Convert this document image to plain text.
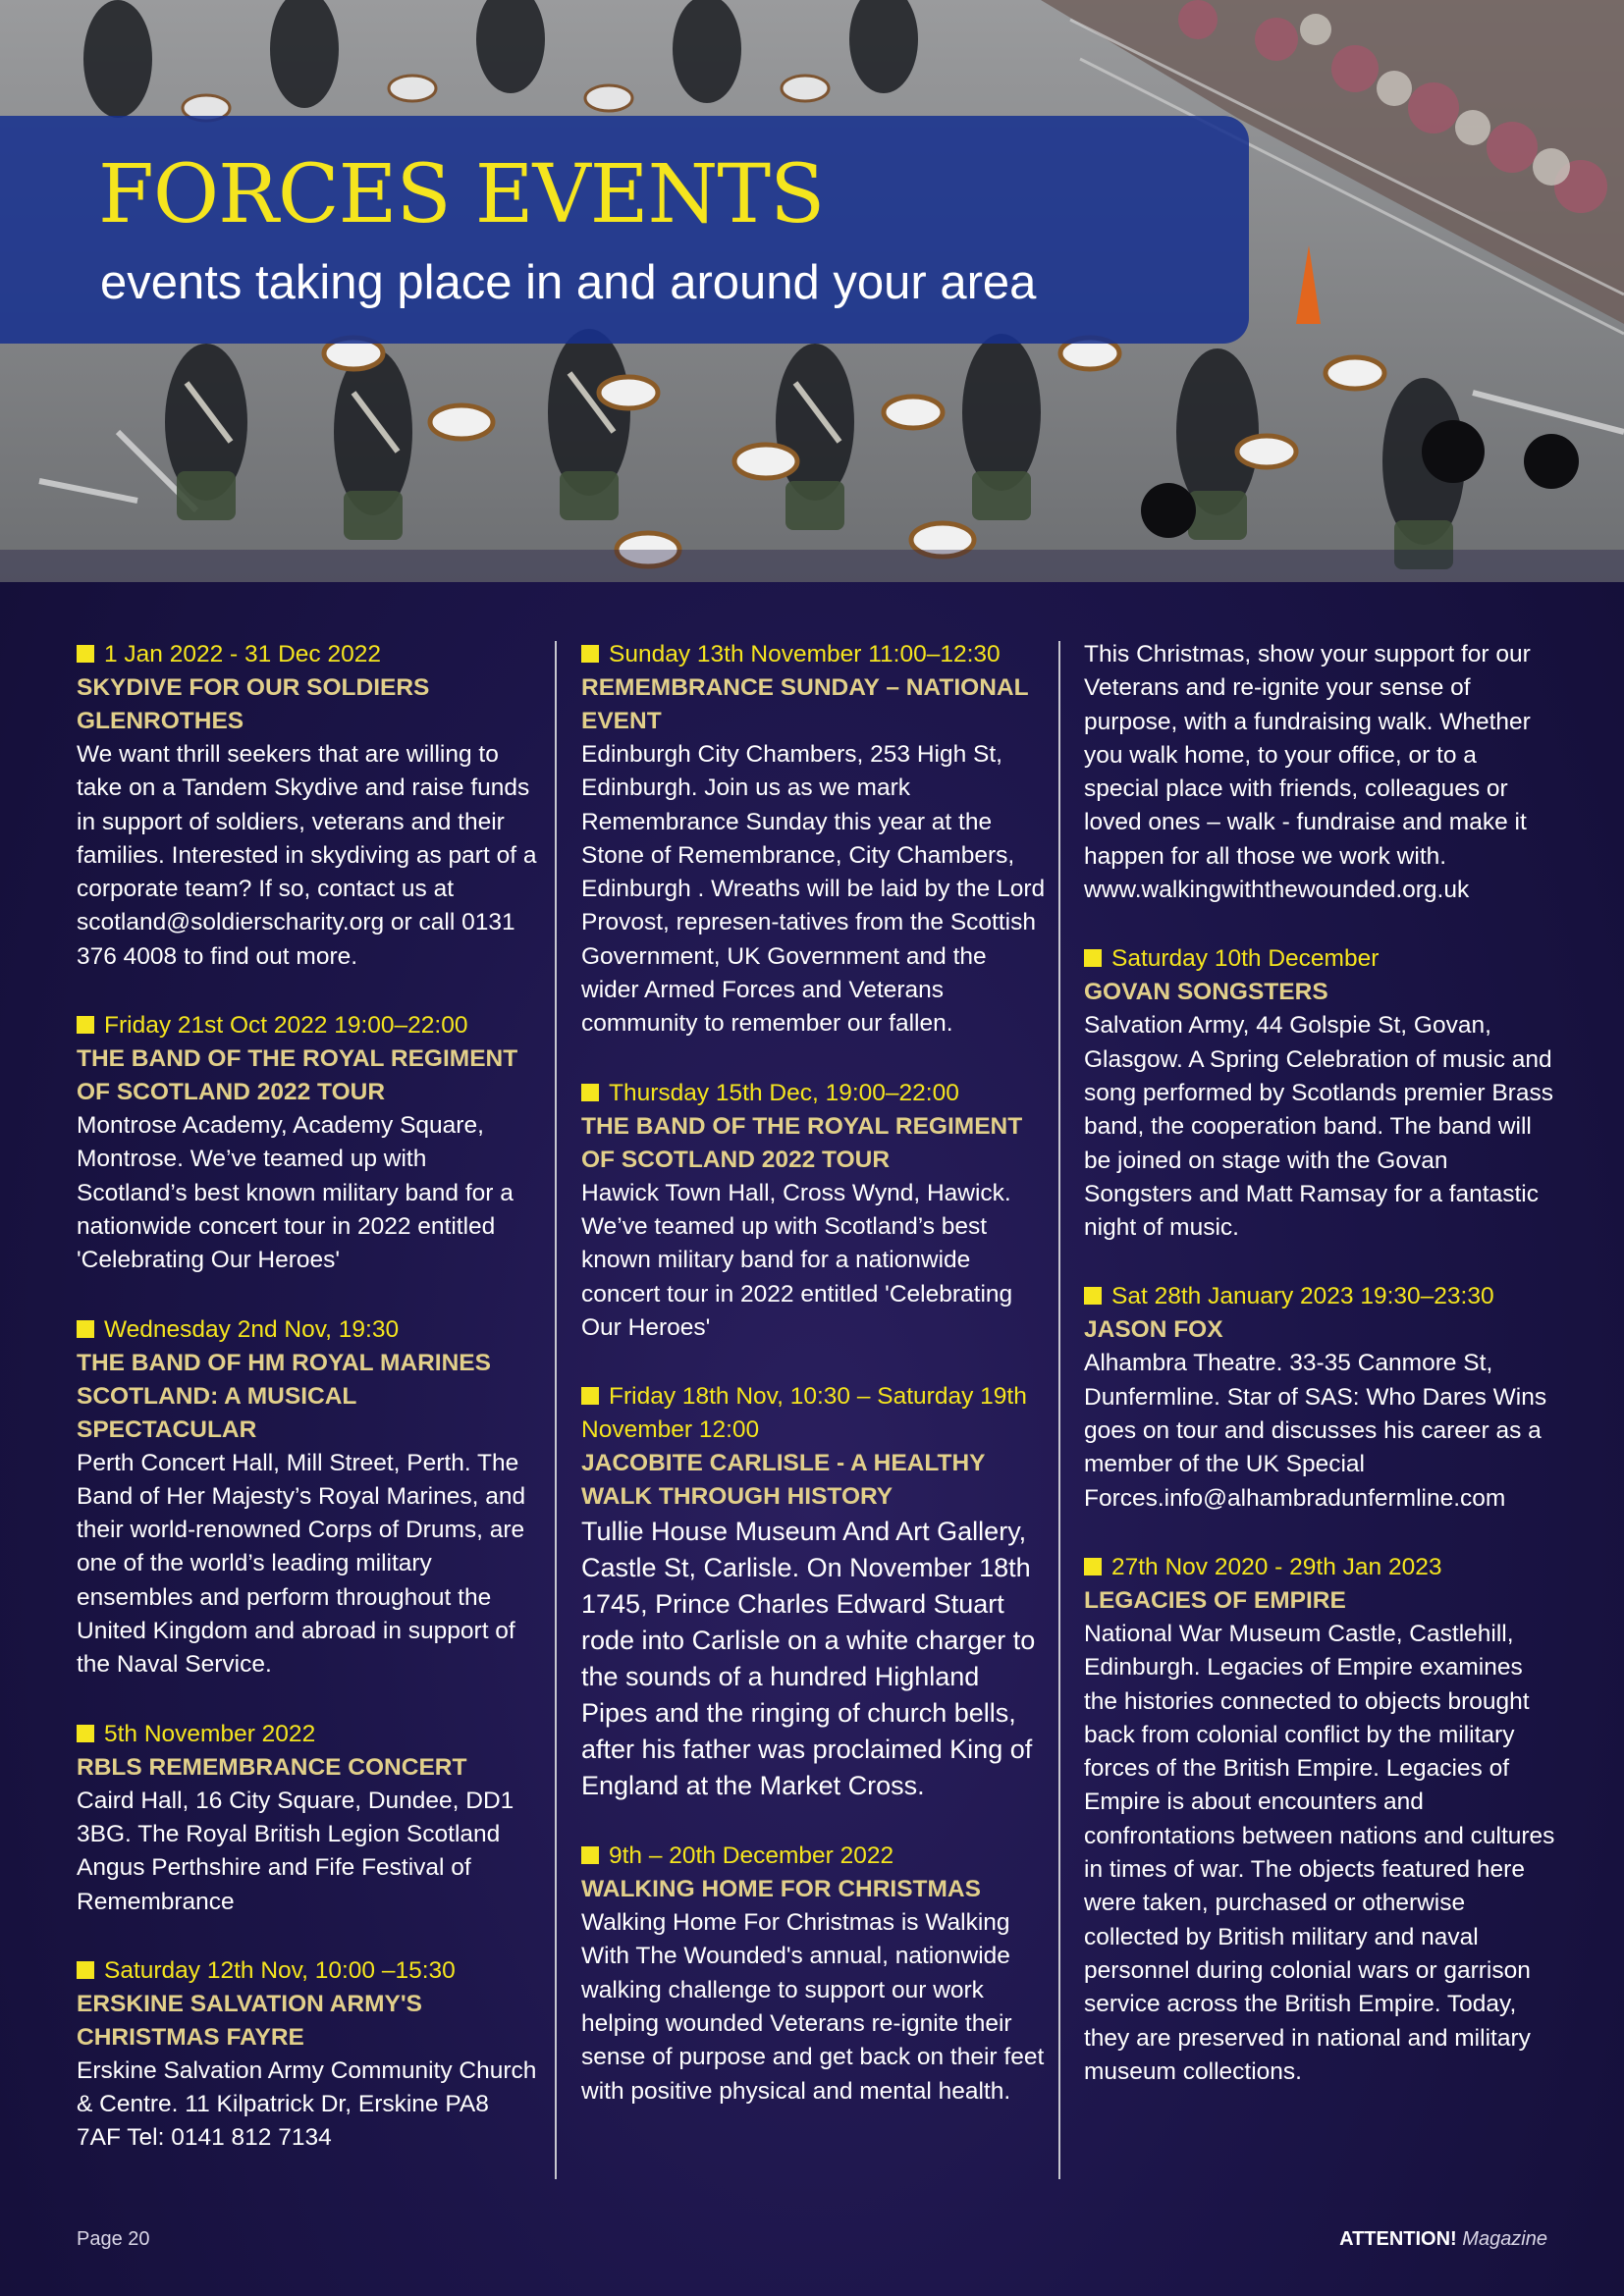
FORCES EVENTS

events taking place in and around your area

1 Jan 2022 - 31 Dec 2022
SKYDIVE FOR OUR SOLDIERS GLENROTHES

We want thrill seekers that are willing to take on a Tandem Skydive and raise funds in support of soldiers, veterans and their families. Interested in skydiving as part of a corporate team? If so, contact us at scotland@soldierscharity.org or call 0131 376 4008 to find out more.

Friday 21st Oct 2022 19:00–22:00
THE BAND OF THE ROYAL REGIMENT OF SCOTLAND 2022 TOUR

Montrose Academy, Academy Square, Montrose. We’ve teamed up with Scotland’s best known military band for a nationwide concert tour in 2022 entitled 'Celebrating Our Heroes'

Wednesday 2nd Nov, 19:30
THE BAND OF HM ROYAL MARINES SCOTLAND: A MUSICAL SPECTACULAR

Perth Concert Hall, Mill Street, Perth. The Band of Her Majesty’s Royal Marines, and their world-renowned Corps of Drums, are one of the world’s leading military ensembles and perform throughout the United Kingdom and abroad in support of the Naval Service.

5th November 2022
RBLS REMEMBRANCE CONCERT

Caird Hall, 16 City Square, Dundee, DD1 3BG. The Royal British Legion Scotland Angus Perthshire and Fife Festival of Remembrance

Saturday 12th Nov, 10:00 –15:30
ERSKINE SALVATION ARMY'S CHRISTMAS FAYRE

Erskine Salvation Army Community Church & Centre. 11 Kilpatrick Dr, Erskine PA8 7AF Tel: 0141 812 7134

Sunday 13th November 11:00–12:30
REMEMBRANCE SUNDAY – NATIONAL EVENT

Edinburgh City Chambers, 253 High St, Edinburgh. Join us as we mark Remembrance Sunday this year at the Stone of Remembrance, City Chambers, Edinburgh . Wreaths will be laid by the Lord Provost, represen-tatives from the Scottish Government, UK Government and the wider Armed Forces and Veterans community to remember our fallen.

Thursday 15th Dec, 19:00–22:00
THE BAND OF THE ROYAL REGIMENT OF SCOTLAND 2022 TOUR

Hawick Town Hall, Cross Wynd, Hawick. We’ve teamed up with Scotland’s best known military band for a nationwide concert tour in 2022 entitled 'Celebrating Our Heroes'

Friday 18th Nov, 10:30 – Saturday 19th November 12:00
JACOBITE CARLISLE - A HEALTHY WALK THROUGH HISTORY

Tullie House Museum And Art Gallery, Castle St, Carlisle. On November 18th 1745, Prince Charles Edward Stuart rode into Carlisle on a white charger to the sounds of a hundred Highland Pipes and the ringing of church bells, after his father was proclaimed King of England at the Market Cross.

9th – 20th December 2022
WALKING HOME FOR CHRISTMAS

Walking Home For Christmas is Walking With The Wounded's annual, nationwide walking challenge to support our work helping wounded Veterans re-ignite their sense of purpose and get back on their feet with positive physical and mental health.

This Christmas, show your support for our Veterans and re-ignite your sense of purpose, with a fundraising walk. Whether you walk home, to your office, or to a special place with friends, colleagues or loved ones – walk - fundraise and make it happen for all those we work with. www.walkingwiththewounded.org.uk

Saturday 10th December
GOVAN SONGSTERS

Salvation Army, 44 Golspie St, Govan, Glasgow. A Spring Celebration of music and song performed by Scotlands premier Brass band, the cooperation band. The band will be joined on stage with the Govan Songsters and Matt Ramsay for a fantastic night of music.

Sat 28th January 2023 19:30–23:30
JASON FOX

Alhambra Theatre. 33-35 Canmore St, Dunfermline. Star of SAS: Who Dares Wins goes on tour and discusses his career as a member of the UK Special Forces.info@alhambradunfermline.com

27th Nov 2020 - 29th Jan 2023
LEGACIES OF EMPIRE

National War Museum Castle, Castlehill, Edinburgh. Legacies of Empire examines the histories connected to objects brought back from colonial conflict by the military forces of the British Empire. Legacies of Empire is about encounters and confrontations between nations and cultures in times of war. The objects featured here were taken, purchased or otherwise collected by British military and naval personnel during colonial wars or garrison service across the British Empire. Today, they are preserved in national and military museum collections.

Page 20	ATTENTION! Magazine
